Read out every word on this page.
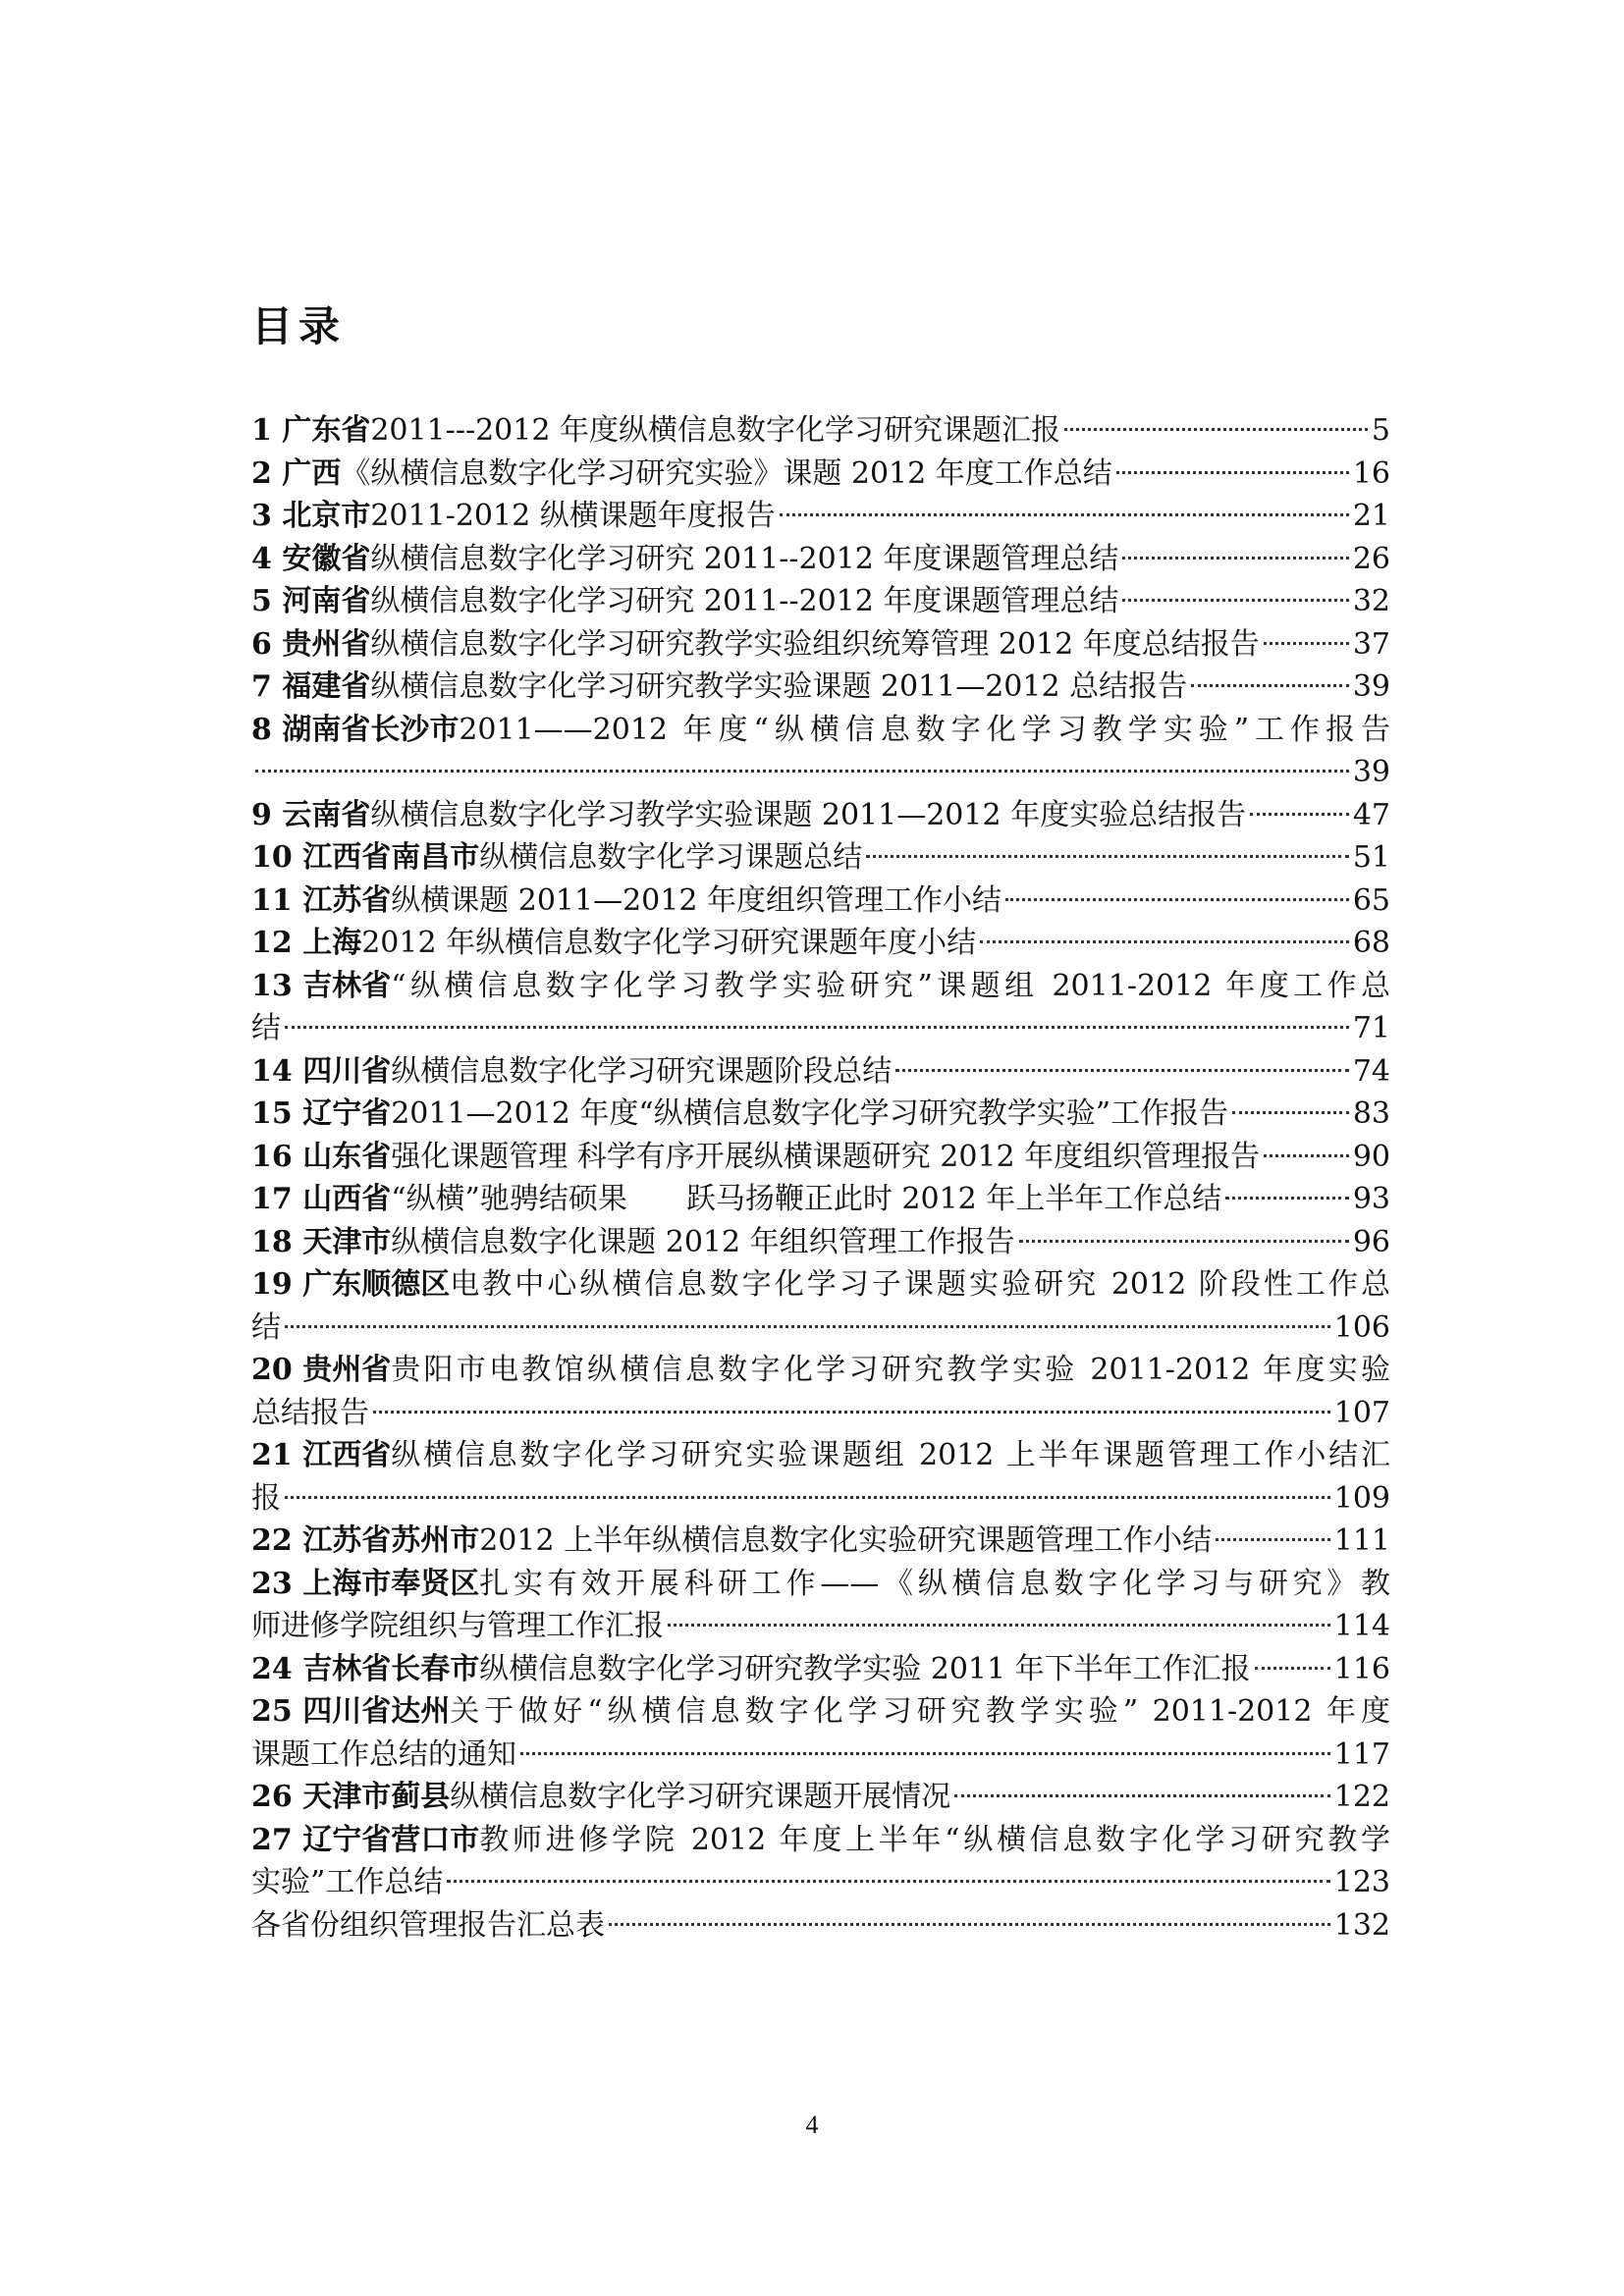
目录
1 广东省 2011---2012 年度纵横信息数字化学习研究课题汇报	5
2 广西 《纵横信息数字化学习研究实验》课题 2012 年度工作总结	16
3 北京市 2011-2012 纵横课题年度报告	21
4 安徽省 纵横信息数字化学习研究 2011--2012 年度课题管理总结	26
5 河南省 纵横信息数字化学习研究 2011--2012 年度课题管理总结	32
6 贵州省 纵横信息数字化学习研究教学实验组织统筹管理 2012 年度总结报告	37
7 福建省 纵横信息数字化学习研究教学实验课题 2011—2012 总结报告	39
8 湖南省长沙市 2011——2012 年度“纵横信息数字化学习教学实验”工作报告
39
9 云南省 纵横信息数字化学习教学实验课题 2011—2012 年度实验总结报告	47
10 江西省南昌市 纵横信息数字化学习课题总结	51
11 江苏省 纵横课题 2011—2012 年度组织管理工作小结	65
12 上海 2012 年纵横信息数字化学习研究课题年度小结	68
13 吉林省 “纵横信息数字化学习教学实验研究”课题组 2011-2012 年度工作总
结	71
14 四川省 纵横信息数字化学习研究课题阶段总结	74
15 辽宁省 2011—2012 年度“纵横信息数字化学习研究教学实验”工作报告	83
16 山东省 强化课题管理 科学有序开展纵横课题研究 2012 年度组织管理报告	90
17 山西省 “纵横”驰骋结硕果　　跃马扬鞭正此时 2012 年上半年工作总结	93
18 天津市 纵横信息数字化课题 2012 年组织管理工作报告	96
19 广东顺德区 电教中心纵横信息数字化学习子课题实验研究 2012 阶段性工作总
结	106
20 贵州省 贵阳市电教馆纵横信息数字化学习研究教学实验 2011-2012 年度实验
总结报告	107
21 江西省 纵横信息数字化学习研究实验课题组 2012 上半年课题管理工作小结汇
报	109
22 江苏省苏州市 2012 上半年纵横信息数字化实验研究课题管理工作小结	111
23 上海市奉贤区 扎实有效开展科研工作——《纵横信息数字化学习与研究》教
师进修学院组织与管理工作汇报	114
24 吉林省长春市 纵横信息数字化学习研究教学实验 2011 年下半年工作汇报	116
25 四川省达州 关于做好“纵横信息数字化学习研究教学实验” 2011-2012 年度
课题工作总结的通知	117
26 天津市蓟县 纵横信息数字化学习研究课题开展情况	122
27 辽宁省营口市 教师进修学院 2012 年度上半年“纵横信息数字化学习研究教学
实验”工作总结	123
各省份组织管理报告汇总表	132
4
